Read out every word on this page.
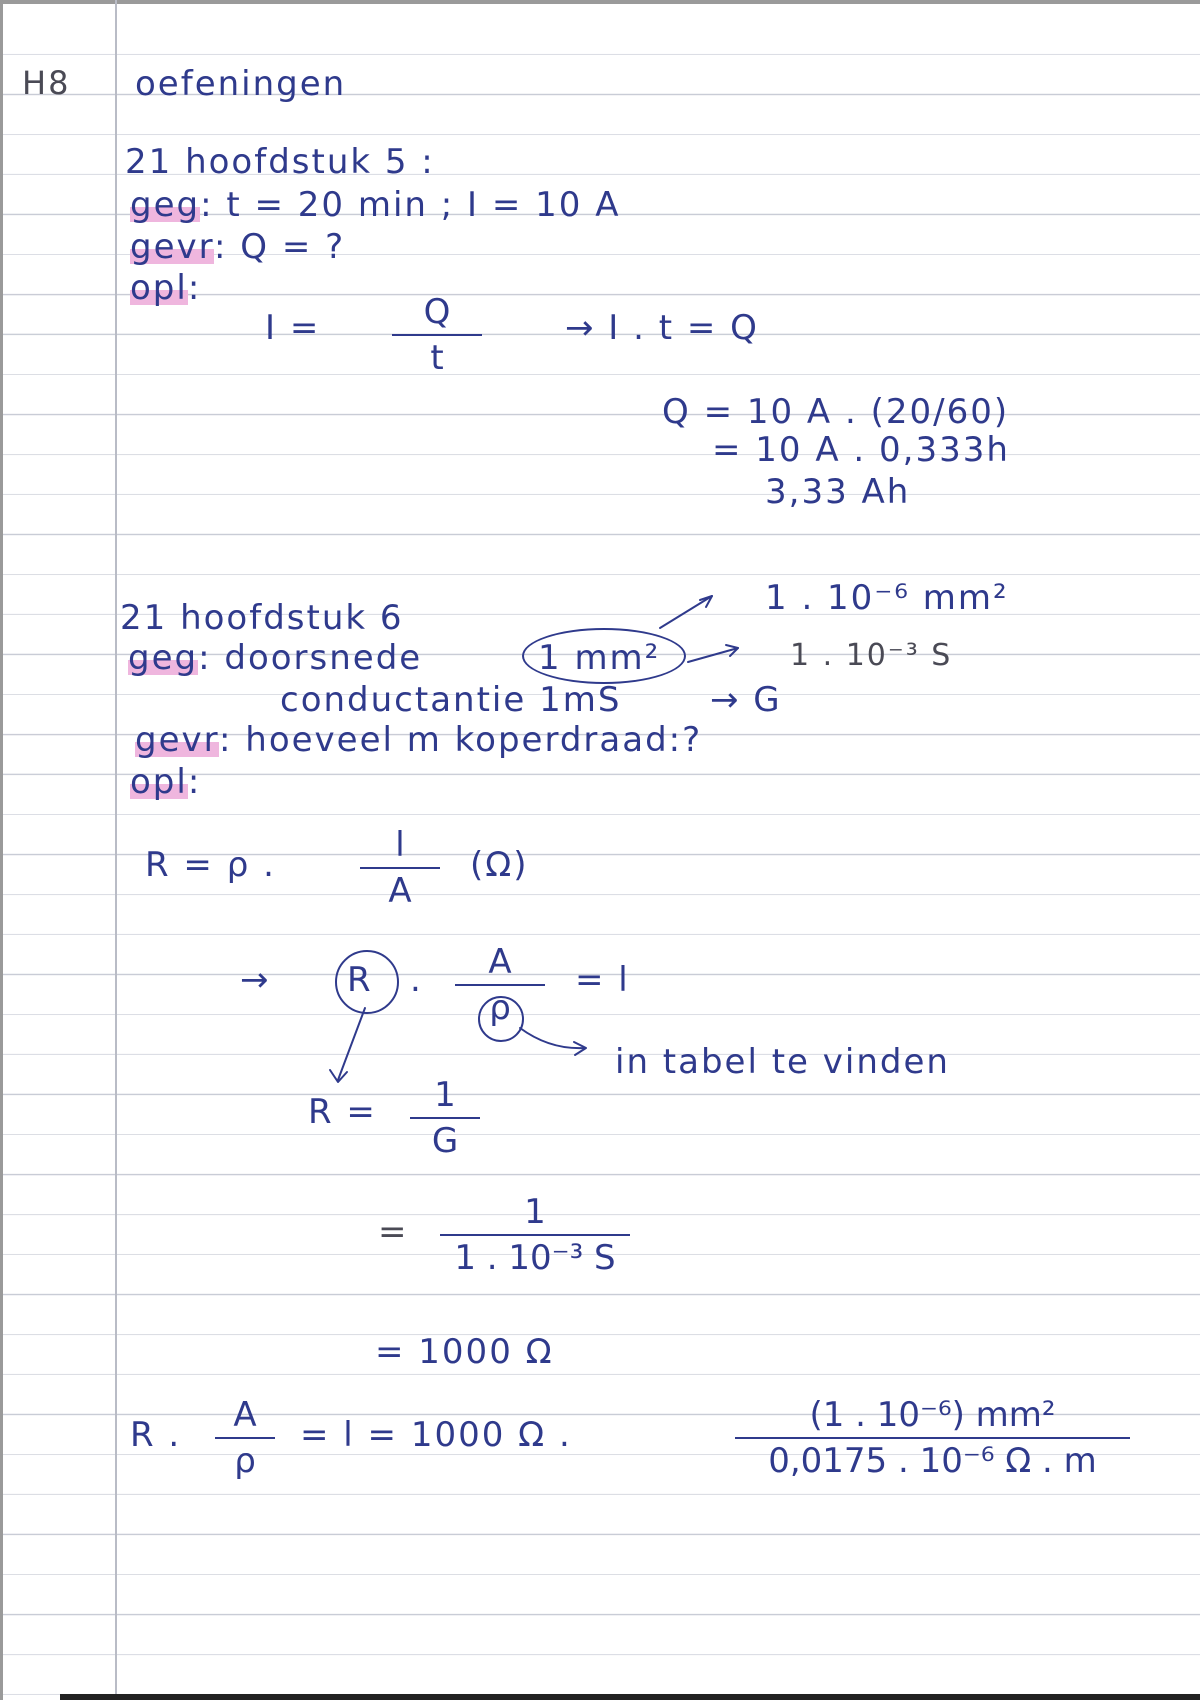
H8 oefeningen
21 hoofdstuk 5 :
geg: t = 20 min ; I = 10 A
gevr: Q = ?
opl:
I =	Q
t
→ I . t = Q
Q = 10 A . (20/60)
= 10 A . 0,333h
3,33 Ah
21 hoofdstuk 6	1 . 10⁻⁶ mm²
geg: doorsnede	1 mm²	1 . 10⁻³ S
conductantie 1mS	→ G
gevr: hoeveel m koperdraad:?
opl:
R = ρ .	l
A
(Ω)
→ R . A
ρ
= l
in tabel te vinden
R = 1
G
=	1
1 . 10⁻³ S
= 1000 Ω
R . A
ρ
= l = 1000 Ω .	(1 . 10⁻⁶) mm²
0,0175 . 10⁻⁶ Ω . m
